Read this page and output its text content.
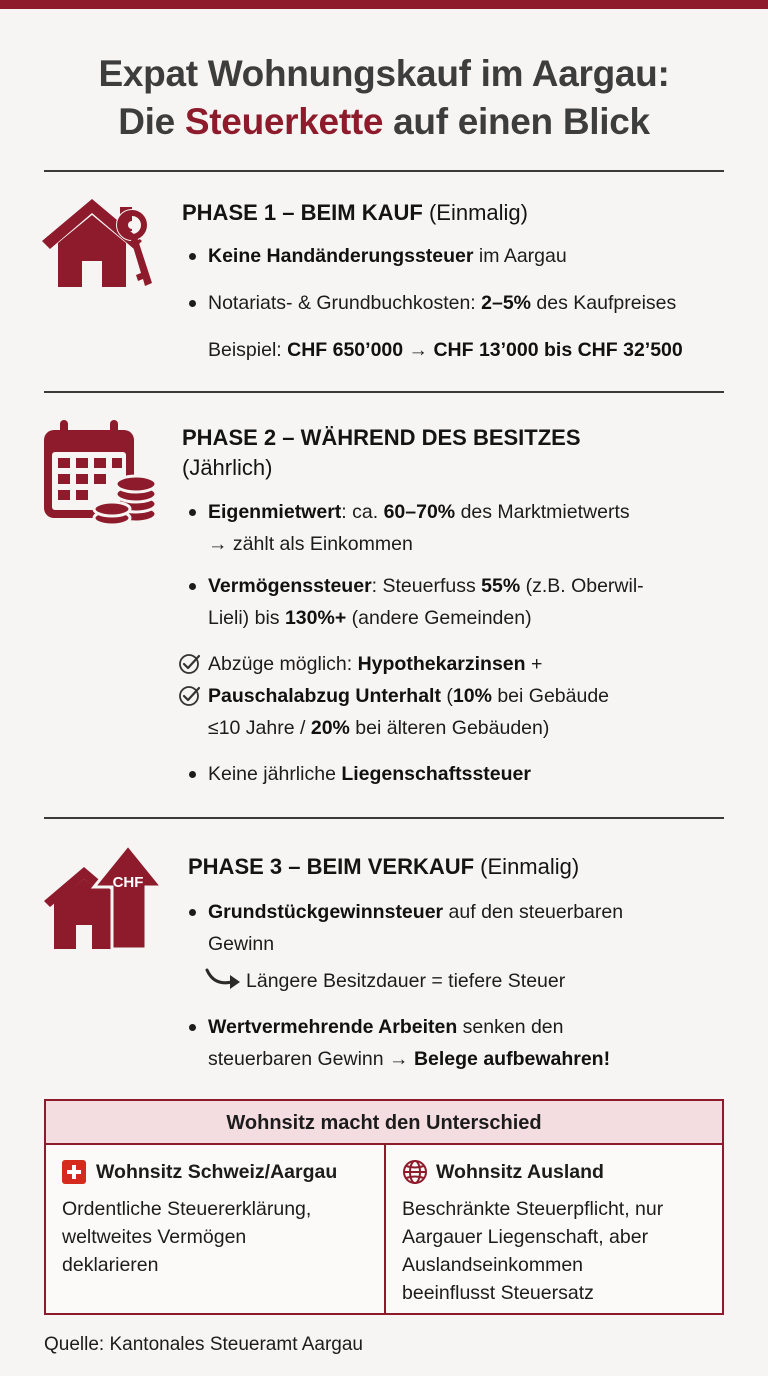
Expat Wohnungskauf im Aargau:
Die Steuerkette auf einen Blick
PHASE 1 – BEIM KAUF (Einmalig)
Keine Handänderungssteuer im Aargau
Notariats- & Grundbuchkosten: 2–5% des Kaufpreises
Beispiel: CHF 650’000 → CHF 13’000 bis CHF 32’500
PHASE 2 – WÄHREND DES BESITZES
(Jährlich)
Eigenmietwert: ca. 60–70% des Marktmietwerts
→ zählt als Einkommen
Vermögenssteuer: Steuerfuss 55% (z.B. Oberwil-
Lieli) bis 130%+ (andere Gemeinden)
Abzüge möglich: Hypothekarzinsen +
Pauschalabzug Unterhalt (10% bei Gebäude
≤10 Jahre / 20% bei älteren Gebäuden)
Keine jährliche Liegenschaftssteuer
CHF
PHASE 3 – BEIM VERKAUF (Einmalig)
Grundstückgewinnsteuer auf den steuerbaren
Gewinn
Längere Besitzdauer = tiefere Steuer
Wertvermehrende Arbeiten senken den
steuerbaren Gewinn → Belege aufbewahren!
Wohnsitz macht den Unterschied
Wohnsitz Schweiz/Aargau
Ordentliche Steuererklärung,
weltweites Vermögen
deklarieren
Wohnsitz Ausland
Beschränkte Steuerpflicht, nur
Aargauer Liegenschaft, aber
Auslandseinkommen
beeinflusst Steuersatz
Quelle: Kantonales Steueramt Aargau
